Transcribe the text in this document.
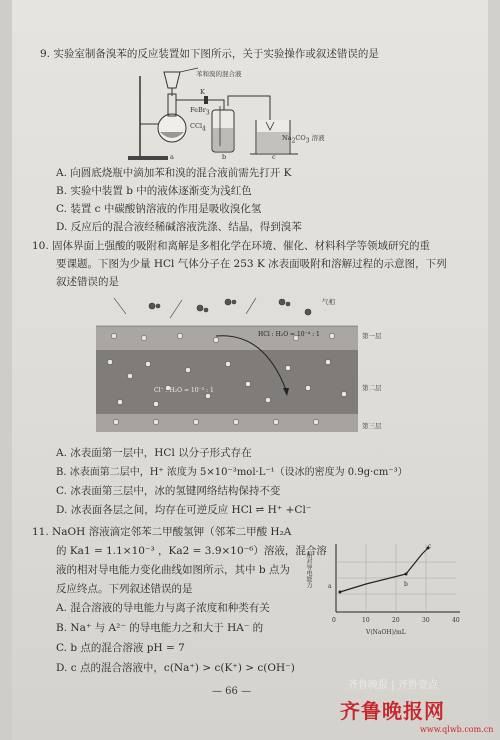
9. 实验室制备溴苯的反应装置如下图所示，关于实验操作或叙述错误的是
苯和溴的混合液
K
FeBr$_3$
CCl$_4$
$Na_2CO_3$ 溶液
a	b	c
A. 向圆底烧瓶中滴加苯和溴的混合液前需先打开 K
B. 实验中装置 b 中的液体逐渐变为浅红色
C. 装置 c 中碳酸钠溶液的作用是吸收溴化氢
D. 反应后的混合液经稀碱溶液洗涤、结晶，得到溴苯
10. 固体界面上强酸的吸附和离解是多相化学在环境、催化、材料科学等领域研究的重
要课题。下图为少量 HCl 气体分子在 253 K 冰表面吸附和溶解过程的示意图，下列
叙述错误的是
气相
HCl : H₂O = 10⁻⁴ : 1
Cl⁻ : H₂O = 10⁻³ : 1
第一层
第二层
第三层
A. 冰表面第一层中，HCl 以分子形式存在
B. 冰表面第二层中，H⁺ 浓度为 5×10⁻³mol·L⁻¹（设冰的密度为 0.9g·cm⁻³）
C. 冰表面第三层中，冰的氢键网络结构保持不变
D. 冰表面各层之间，均存在可逆反应 HCl ⇌ H⁺ +Cl⁻
11. NaOH 溶液滴定邻苯二甲酸氢钾（邻苯二甲酸 H₂A
的 Ka1 = 1.1×10⁻³ ，Ka2 = 3.9×10⁻⁶）溶液，混合溶
液的相对导电能力变化曲线如图所示，其中 b 点为
反应终点。下列叙述错误的是
A. 混合溶液的导电能力与离子浓度和种类有关
B. Na⁺ 与 A²⁻ 的导电能力之和大于 HA⁻ 的
C. b 点的混合溶液 pH = 7
D. c 点的混合溶液中，c(Na⁺) > c(K⁺) > c(OH⁻)
a	b
c
0	10	20	30	40
V(NaOH)/mL
相对导电能力
— 66 —
齐鲁晚报 | 齐鲁壹点
齐鲁晚报网
www.qlwb.com.cn
